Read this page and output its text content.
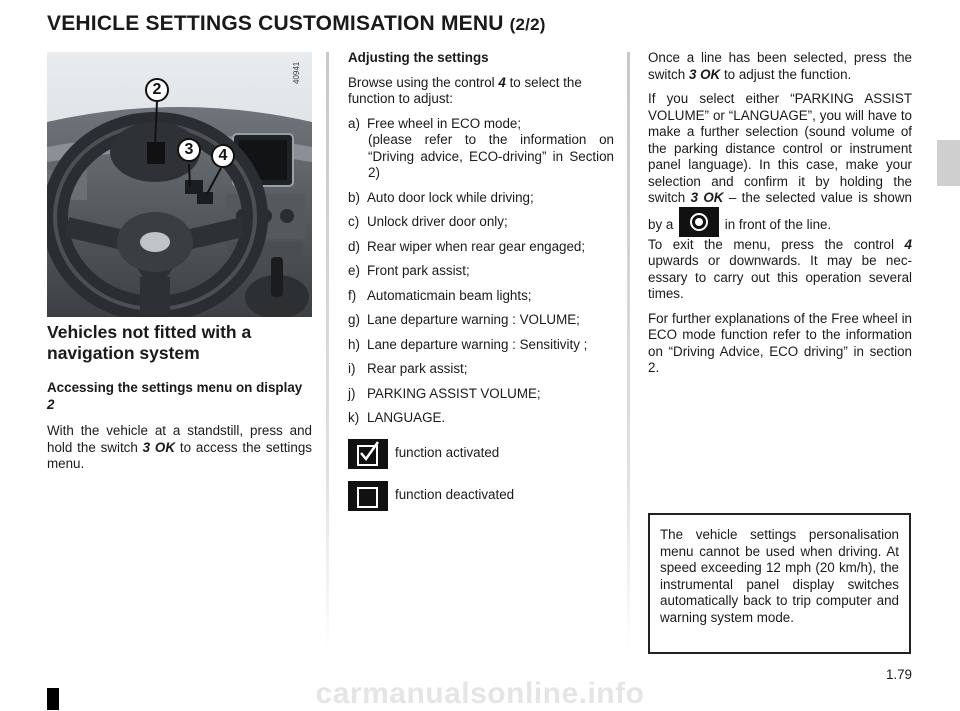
VEHICLE SETTINGS CUSTOMISATION MENU (2/2)
2
3	4
40941
Vehicles not fitted with a navigation system
Accessing the settings menu on display 2

With the vehicle at a standstill, press and hold the switch 3 OK to access the settings menu.

Adjusting the settings

Browse using the control 4 to select the function to adjust:

a) Free wheel in ECO mode;
(please refer to the information on “Driving advice, ECO-driving” in Section 2)
b) Auto door lock while driving;
c) Unlock driver door only;
d) Rear wiper when rear gear engaged;
e) Front park assist;
f) Automaticmain beam lights;
g) Lane departure warning : VOLUME;
h) Lane departure warning : Sensitivity ;
i) Rear park assist;
j) PARKING ASSIST VOLUME;
k) LANGUAGE.
function activated
function deactivated

Once a line has been selected, press the switch 3 OK to adjust the function.

If you select either “PARKING ASSIST VOLUME” or “LANGUAGE”, you will have to make a further selection (sound volume of the parking distance control or instrument panel language). In this case, make your selection and confirm it by holding the switch 3 OK – the selected value is shown by a	in front of the line.
To exit the menu, press the control 4 upwards or downwards. It may be necessary to carry out this operation several times.

For further explanations of the Free wheel in ECO mode function refer to the information on “Driving Advice, ECO driving” in section 2.

The vehicle settings personalisation menu cannot be used when driving. At speed exceeding 12 mph (20 km/h), the instrumental panel display switches automatically back to trip computer and warning system mode.
1.79
carmanualsonline.info
